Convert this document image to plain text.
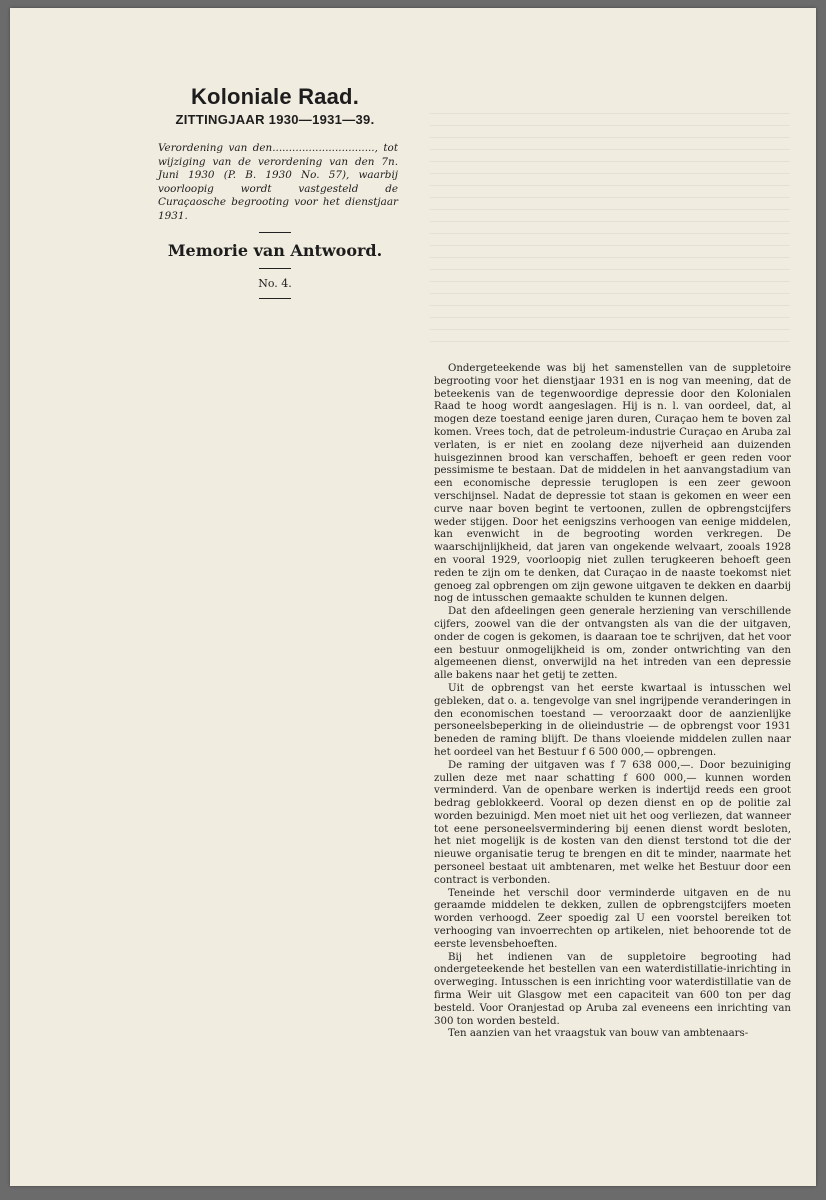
Koloniale Raad.
ZITTINGJAAR 1930—1931—39.

Verordening van den..............................., tot wijziging van de verordening van den 7n. Juni 1930 (P. B. 1930 No. 57), waarbij voorloopig wordt vastgesteld de Curaçaosche begrooting voor het dienstjaar 1931.

Memorie van Antwoord.
No. 4.

Ondergeteekende was bij het samenstellen van de suppletoire begrooting voor het dienstjaar 1931 en is nog van meening, dat de beteekenis van de tegenwoordige depressie door den Kolonialen Raad te hoog wordt aangeslagen. Hij is n. l. van oordeel, dat, al mogen deze toestand eenige jaren duren, Curaçao hem te boven zal komen. Vrees toch, dat de petroleum-industrie Curaçao en Aruba zal verlaten, is er niet en zoolang deze nijverheid aan duizenden huisgezinnen brood kan verschaffen, behoeft er geen reden voor pessimisme te bestaan. Dat de middelen in het aanvangstadium van een economische depressie teruglopen is een zeer gewoon verschijnsel. Nadat de depressie tot staan is gekomen en weer een curve naar boven begint te vertoonen, zullen de opbrengstcijfers weder stijgen. Door het eenigszins verhoogen van eenige middelen, kan evenwicht in de begrooting worden verkregen. De waarschijnlijkheid, dat jaren van ongekende welvaart, zooals 1928 en vooral 1929, voorloopig niet zullen terugkeeren behoeft geen reden te zijn om te denken, dat Curaçao in de naaste toekomst niet genoeg zal opbrengen om zijn gewone uitgaven te dekken en daarbij nog de intusschen gemaakte schulden te kunnen delgen.

Dat den afdeelingen geen generale herziening van verschillende cijfers, zoowel van die der ontvangsten als van die der uitgaven, onder de cogen is gekomen, is daaraan toe te schrijven, dat het voor een bestuur onmogelijkheid is om, zonder ontwrichting van den algemeenen dienst, onverwijld na het intreden van een depressie alle bakens naar het getij te zetten.

Uit de opbrengst van het eerste kwartaal is intusschen wel gebleken, dat o. a. tengevolge van snel ingrijpende veranderingen in den economischen toestand — veroorzaakt door de aanzienlijke personeelsbeperking in de olieindustrie — de opbrengst voor 1931 beneden de raming blijft. De thans vloeiende middelen zullen naar het oordeel van het Bestuur f 6 500 000,— opbrengen.

De raming der uitgaven was f 7 638 000,—. Door bezuiniging zullen deze met naar schatting f 600 000,— kunnen worden verminderd. Van de openbare werken is indertijd reeds een groot bedrag geblokkeerd. Vooral op dezen dienst en op de politie zal worden bezuinigd. Men moet niet uit het oog verliezen, dat wanneer tot eene personeelsvermindering bij eenen dienst wordt besloten, het niet mogelijk is de kosten van den dienst terstond tot die der nieuwe organisatie terug te brengen en dit te minder, naarmate het personeel bestaat uit ambtenaren, met welke het Bestuur door een contract is verbonden.

Teneinde het verschil door verminderde uitgaven en de nu geraamde middelen te dekken, zullen de opbrengstcijfers moeten worden verhoogd. Zeer spoedig zal U een voorstel bereiken tot verhooging van invoerrechten op artikelen, niet behoorende tot de eerste levensbehoeften.

Bij het indienen van de suppletoire begrooting had ondergeteekende het bestellen van een waterdistillatie-inrichting in overweging. Intusschen is een inrichting voor waterdistillatie van de firma Weir uit Glasgow met een capaciteit van 600 ton per dag besteld. Voor Oranjestad op Aruba zal eveneens een inrichting van 300 ton worden besteld.

Ten aanzien van het vraagstuk van bouw van ambtenaars-
